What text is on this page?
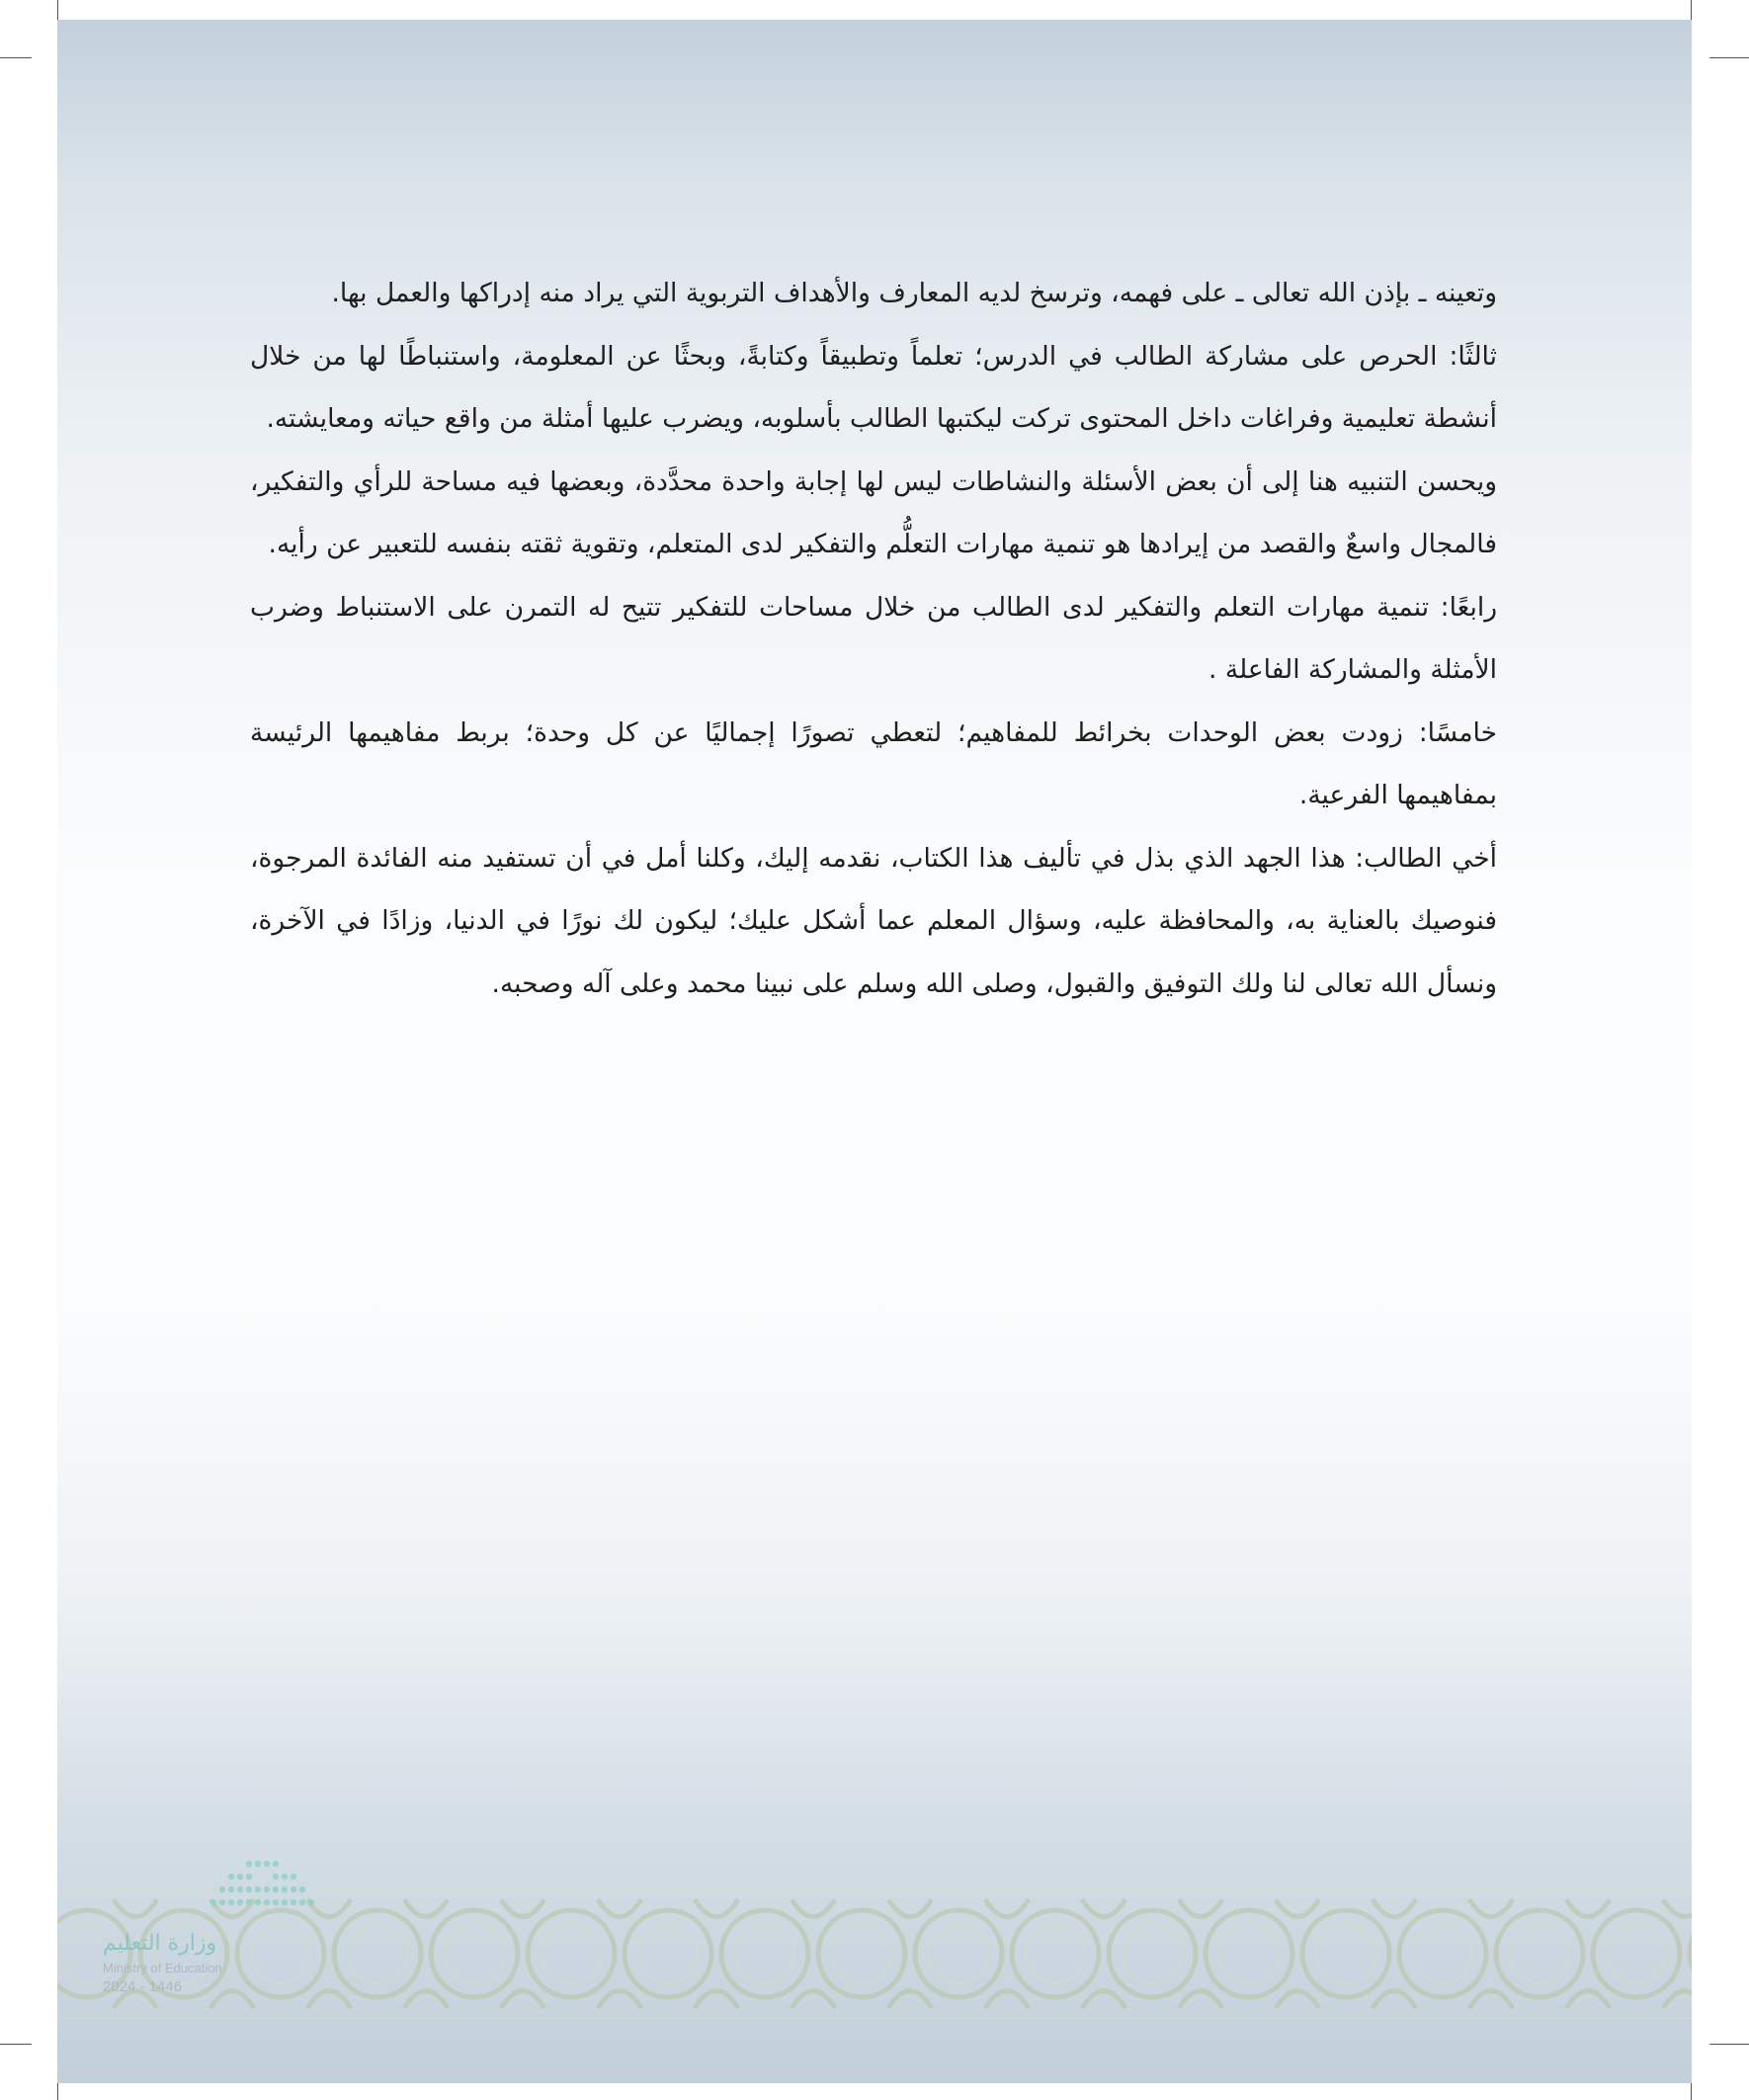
وتعينه ـ بإذن الله تعالى ـ على فهمه، وترسخ لديه المعارف والأهداف التربوية التي يراد منه إدراكها والعمل بها.

ثالثًا: الحرص على مشاركة الطالب في الدرس؛ تعلماً وتطبيقاً وكتابةً، وبحثًا عن المعلومة، واستنباطًا لها من خلال أنشطة تعليمية وفراغات داخل المحتوى تركت ليكتبها الطالب بأسلوبه، ويضرب عليها أمثلة من واقع حياته ومعايشته.

ويحسن التنبيه هنا إلى أن بعض الأسئلة والنشاطات ليس لها إجابة واحدة محدَّدة، وبعضها فيه مساحة للرأي والتفكير، فالمجال واسعٌ والقصد من إيرادها هو تنمية مهارات التعلُّم والتفكير لدى المتعلم، وتقوية ثقته بنفسه للتعبير عن رأيه.

رابعًا: تنمية مهارات التعلم والتفكير لدى الطالب من خلال مساحات للتفكير تتيح له التمرن على الاستنباط وضرب الأمثلة والمشاركة الفاعلة .

خامسًا: زودت بعض الوحدات بخرائط للمفاهيم؛ لتعطي تصورًا إجماليًا عن كل وحدة؛ بربط مفاهيمها الرئيسة بمفاهيمها الفرعية.

أخي الطالب: هذا الجهد الذي بذل في تأليف هذا الكتاب، نقدمه إليك، وكلنا أمل في أن تستفيد منه الفائدة المرجوة، فنوصيك بالعناية به، والمحافظة عليه، وسؤال المعلم عما أشكل عليك؛ ليكون لك نورًا في الدنيا، وزادًا في الآخرة، ونسأل الله تعالى لنا ولك التوفيق والقبول، وصلى الله وسلم على نبينا محمد وعلى آله وصحبه.

وزارة التعليم
Ministry of Education
2024 - 1446
